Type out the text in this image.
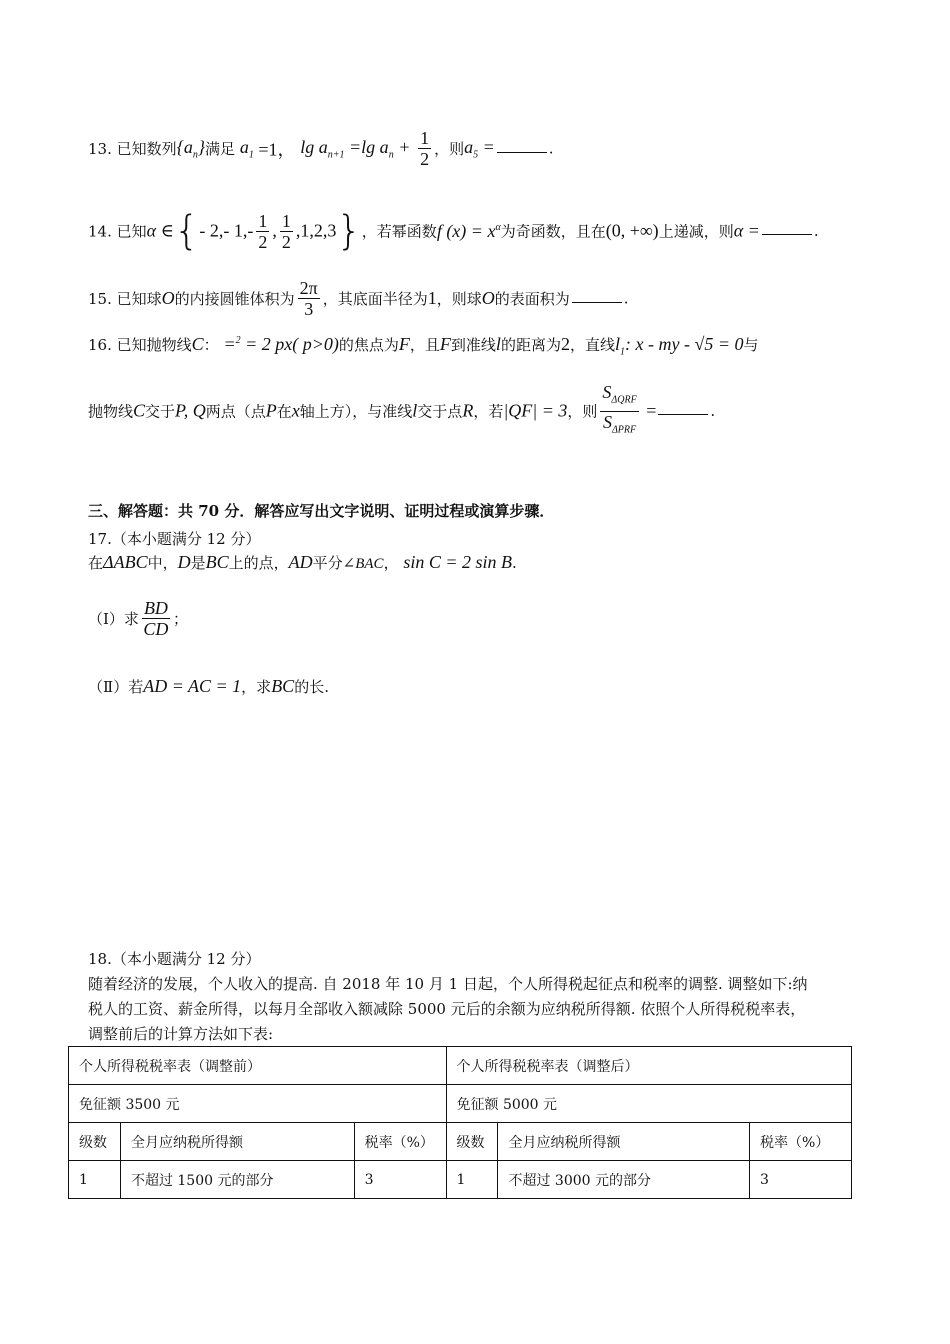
13. 已知数列$\{a_n\}$满足 $a_1 =1$， $\lg a_{n+1} =\lg$ $a_n + \frac{1}{2}$ ，则$a_5$ =	.
14. 已知α ∈{- 2,- $1,- \frac{1}{2}$ , $\frac{1}{2} ,1,2,3$}，若幂函数f $(x) = x^\alpha$为奇函数，且在(0, +∞)上递减，则α =	.
15. 已知球O的内接圆锥体积为 $\frac{2\pi}{3}$ ，其底面半径为1，则球O的表面积为	.
16. 已知抛物线C： =$^2$ = 2 px( p>0)的焦点为F，且F到准线l的距离为2，直线$l_1$: x - my - √5 = 0与
抛物线C交于P, Q两点（点P在x轴上方），与准线l交于点R，若|QF| = 3，则 $\frac{S_{\Delta QRF}}{S_{\Delta PRF}}$ =	.
三、解答题：共 70 分．解答应写出文字说明、证明过程或演算步骤．
17.（本小题满分 12 分）
在ΔABC中，D是BC上的点，AD平分∠BAC， sin C = 2 sin B.
（Ⅰ）求 $\frac{BD}{CD}$ ；
（Ⅱ）若AD = AC = 1，求BC的长.
18.（本小题满分 12 分）
随着经济的发展，个人收入的提高. 自 2018 年 10 月 1 日起，个人所得税起征点和税率的调整. 调整如下:纳
税人的工资、薪金所得，以每月全部收入额减除 5000 元后的余额为应纳税所得额. 依照个人所得税税率表，
调整前后的计算方法如下表:
个人所得税税率表（调整前）			个人所得税税率表（调整后）		
免征额 3500 元			免征额 5000 元		
级数	全月应纳税所得额	税率（%）	级数	全月应纳税所得额	税率（%）
1	不超过 1500 元的部分	3	1	不超过 3000 元的部分	3
